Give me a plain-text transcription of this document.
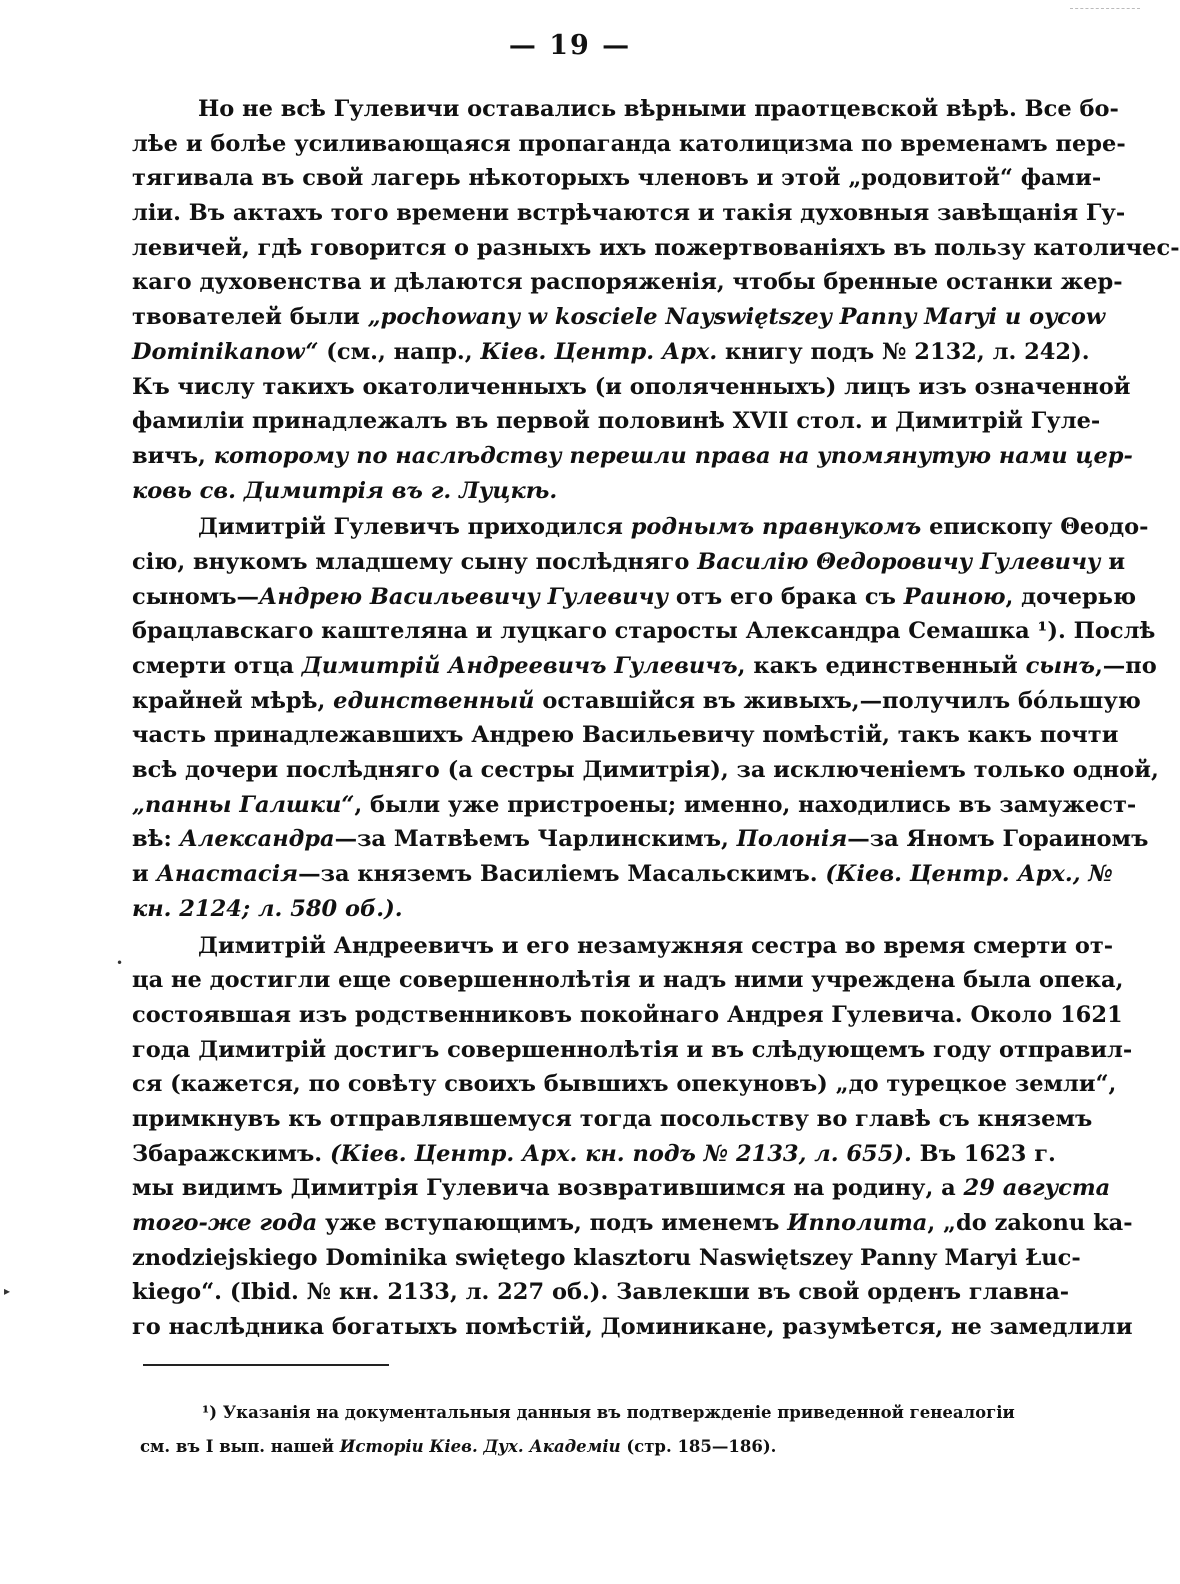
— 19 —
Но не всѣ Гулевичи оставались вѣрными праотцевской вѣрѣ. Все бо-
лѣе и болѣе усиливающаяся пропаганда католицизма по временамъ пере-
тягивала въ свой лагерь нѣкоторыхъ членовъ и этой „родовитой“ фами-
ліи. Въ актахъ того времени встрѣчаются и такія духовныя завѣщанія Гу-
левичей, гдѣ говорится о разныхъ ихъ пожертвованіяхъ въ пользу католичес-
каго духовенства и дѣлаются распоряженія, чтобы бренные останки жер-
твователей были „pochowany w kosciele Nayswiętszey Panny Maryi u oycow
Dominikanow“ (см., напр., Кіев. Центр. Арх. книгу подъ № 2132, л. 242).
Къ числу такихъ окатоличенныхъ (и ополяченныхъ) лицъ изъ означенной
фамиліи принадлежалъ въ первой половинѣ XVII стол. и Димитрій Гуле-
вичъ, которому по наслѣдству перешли права на упомянутую нами цер-
ковь св. Димитрія въ г. Луцкѣ.
Димитрій Гулевичъ приходился роднымъ правнукомъ епископу Θеодо-
сію, внукомъ младшему сыну послѣдняго Василію Θедоровичу Гулевичу и
сыномъ—Андрею Васильевичу Гулевичу отъ его брака съ Раиною, дочерью
брацлавскаго каштеляна и луцкаго старосты Александра Семашка ¹). Послѣ
смерти отца Димитрій Андреевичъ Гулевичъ, какъ единственный сынъ,—по
крайней мѣрѣ, единственный оставшійся въ живыхъ,—получилъ бо́льшую
часть принадлежавшихъ Андрею Васильевичу помѣстій, такъ какъ почти
всѣ дочери послѣдняго (а сестры Димитрія), за исключеніемъ только одной,
„панны Галшки“, были уже пристроены; именно, находились въ замужест-
вѣ: Александра—за Матвѣемъ Чарлинскимъ, Полонія—за Яномъ Гораиномъ
и Анастасія—за княземъ Василіемъ Масальскимъ. (Кіев. Центр. Арх., №
кн. 2124; л. 580 об.).
Димитрій Андреевичъ и его незамужняя сестра во время смерти от-
ца не достигли еще совершеннолѣтія и надъ ними учреждена была опека,
состоявшая изъ родственниковъ покойнаго Андрея Гулевича. Около 1621
года Димитрій достигъ совершеннолѣтія и въ слѣдующемъ году отправил-
ся (кажется, по совѣту своихъ бывшихъ опекуновъ) „до турецкое земли“,
примкнувъ къ отправлявшемуся тогда посольству во главѣ съ княземъ
Збаражскимъ. (Кіев. Центр. Арх. кн. подъ № 2133, л. 655). Въ 1623 г.
мы видимъ Димитрія Гулевича возвратившимся на родину, а 29 августа
того-же года уже вступающимъ, подъ именемъ Ипполита, „do zakonu ka-
znodziejskiego Dominika swiętego klasztoru Naswiętszey Panny Maryi Łuc-
kiego“. (Ibid. № кн. 2133, л. 227 об.). Завлекши въ свой орденъ главна-
го наслѣдника богатыхъ помѣстій, Доминикане, разумѣется, не замедлили
•
▸
¹) Указанія на документальныя данныя въ подтвержденіе приведенной генеалогіи
см. въ I вып. нашей Исторіи Кіев. Дух. Академіи (стр. 185—186).
